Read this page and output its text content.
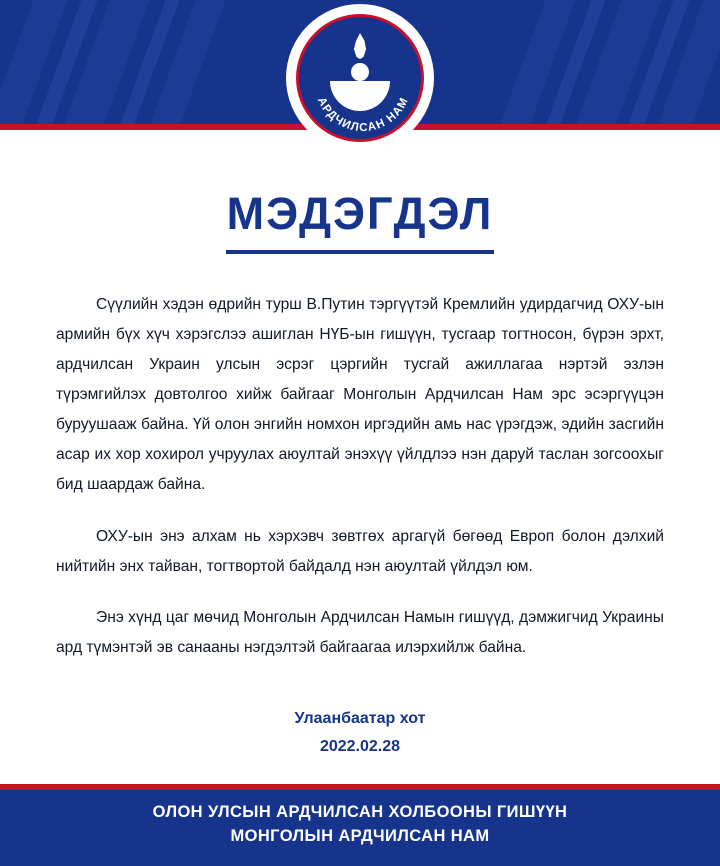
АРДЧИЛСАН НАМ
МЭДЭГДЭЛ

Сүүлийн хэдэн өдрийн турш В.Путин тэргүүтэй Кремлийн удирдагчид ОХУ-ын армийн бүх хүч хэрэгслээ ашиглан НҮБ-ын гишүүн, тусгаар тогтносон, бүрэн эрхт, ардчилсан Украин улсын эсрэг цэргийн тусгай ажиллагаа нэртэй эзлэн түрэмгийлэх довтолгоо хийж байгааг Монголын Ардчилсан Нам эрс эсэргүүцэн буруушааж байна. Үй олон энгийн номхон иргэдийн амь нас үрэгдэж, эдийн засгийн асар их хор хохирол учруулах аюултай энэхүү үйлдлээ нэн даруй таслан зогсоохыг бид шаардаж байна.

ОХУ-ын энэ алхам нь хэрхэвч зөвтгөх аргагүй бөгөөд Европ болон дэлхий нийтийн энх тайван, тогтвортой байдалд нэн аюултай үйлдэл юм.

Энэ хүнд цаг мөчид Монголын Ардчилсан Намын гишүүд, дэмжигчид Украины ард түмэнтэй эв санааны нэгдэлтэй байгаагаа илэрхийлж байна.

Улаанбаатар хот
2022.02.28
ОЛОН УЛСЫН АРДЧИЛСАН ХОЛБООНЫ ГИШҮҮН
МОНГОЛЫН АРДЧИЛСАН НАМ
